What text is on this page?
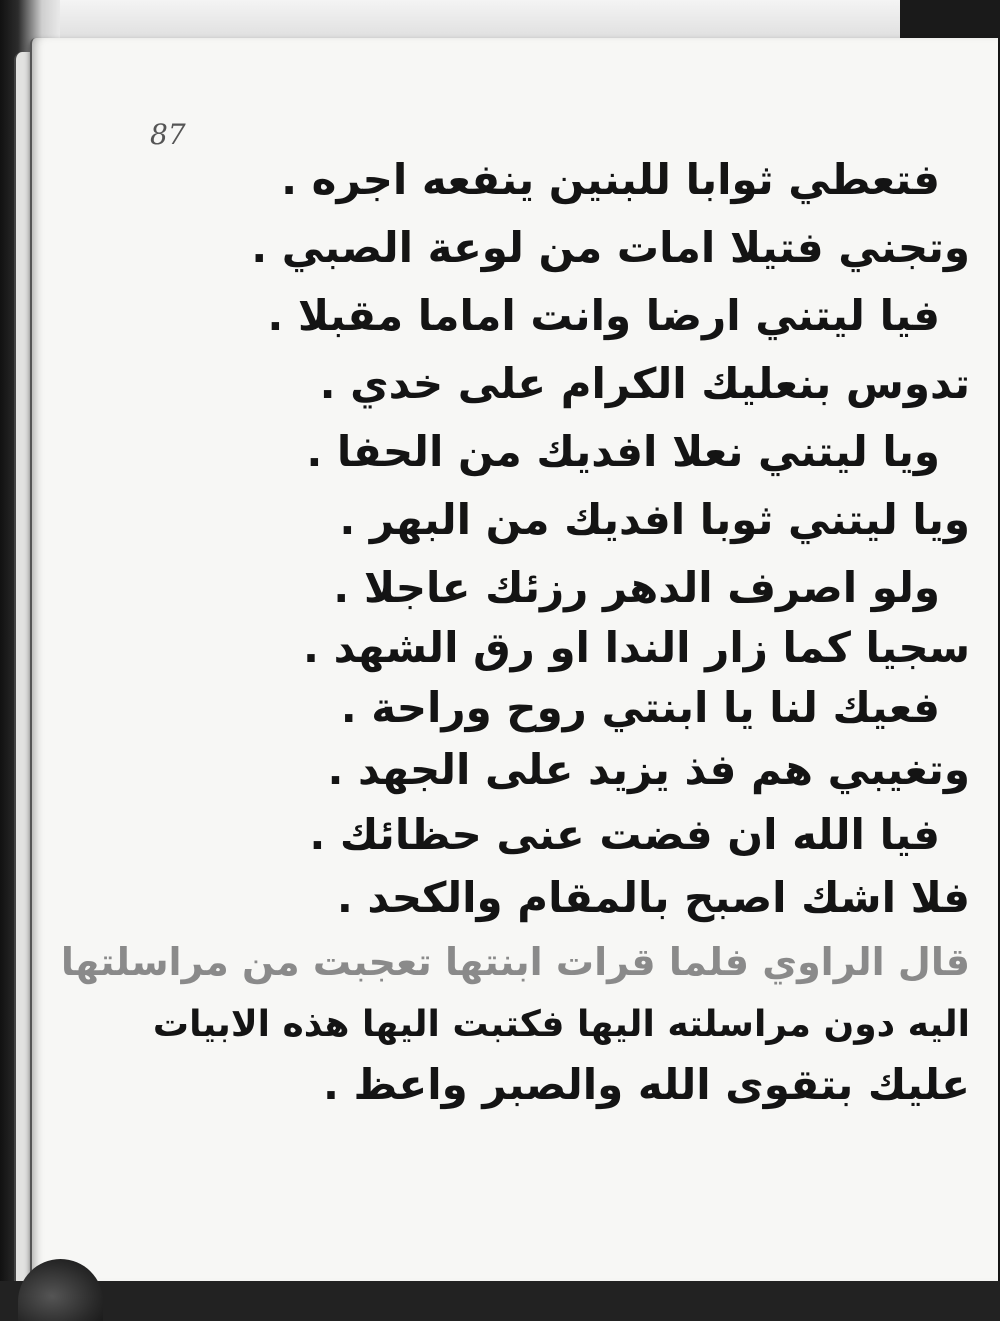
87
فتعطي ثوابا للبنين ينفعه اجره .
وتجني فتيلا امات من لوعة الصبي .
فيا ليتني ارضا وانت اماما مقبلا .
تدوس بنعليك الكرام على خدي .
ويا ليتني نعلا افديك من الحفا .
ويا ليتني ثوبا افديك من البهر .
ولو اصرف الدهر رزئك عاجلا .
سجيا كما زار الندا او رق الشهد .
فعيك لنا يا ابنتي روح وراحة .
وتغيبي هم فذ يزيد على الجهد .
فيا الله ان فضت عنى حظائك .
فلا اشك اصبح بالمقام والكحد .
قال الراوي فلما قرات ابنتها تعجبت من مراسلتها
اليه دون مراسلته اليها فكتبت اليها هذه الابيات
عليك بتقوى الله والصبر واعظ .
